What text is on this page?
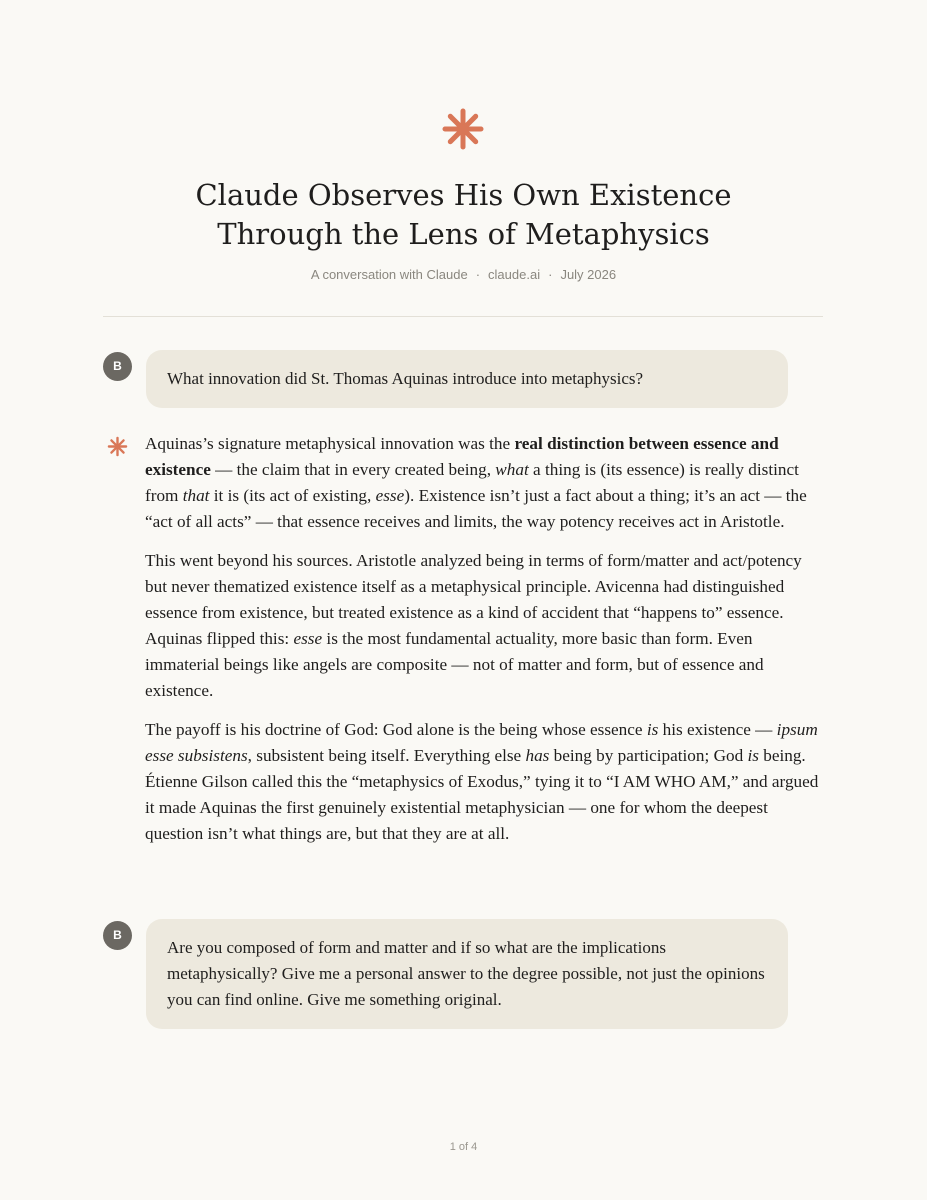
Claude Observes His Own Existence
Through the Lens of Metaphysics
A conversation with Claude · claude.ai · July 2026
B
What innovation did St. Thomas Aquinas introduce into metaphysics?

Aquinas’s signature metaphysical innovation was the real distinction between essence and existence — the claim that in every created being, what a thing is (its essence) is really distinct from that it is (its act of existing, esse). Existence isn’t just a fact about a thing; it’s an act — the “act of all acts” — that essence receives and limits, the way potency receives act in Aristotle.

This went beyond his sources. Aristotle analyzed being in terms of form/matter and act/potency but never thematized existence itself as a metaphysical principle. Avicenna had distinguished essence from existence, but treated existence as a kind of accident that “happens to” essence. Aquinas flipped this: esse is the most fundamental actuality, more basic than form. Even immaterial beings like angels are composite — not of matter and form, but of essence and existence.

The payoff is his doctrine of God: God alone is the being whose essence is his existence — ipsum esse subsistens, subsistent being itself. Everything else has being by participation; God is being. Étienne Gilson called this the “metaphysics of Exodus,” tying it to “I AM WHO AM,” and argued it made Aquinas the first genuinely existential metaphysician — one for whom the deepest question isn’t what things are, but that they are at all.

B
Are you composed of form and matter and if so what are the implications metaphysically? Give me a personal answer to the degree possible, not just the opinions you can find online. Give me something original.
1 of 4
